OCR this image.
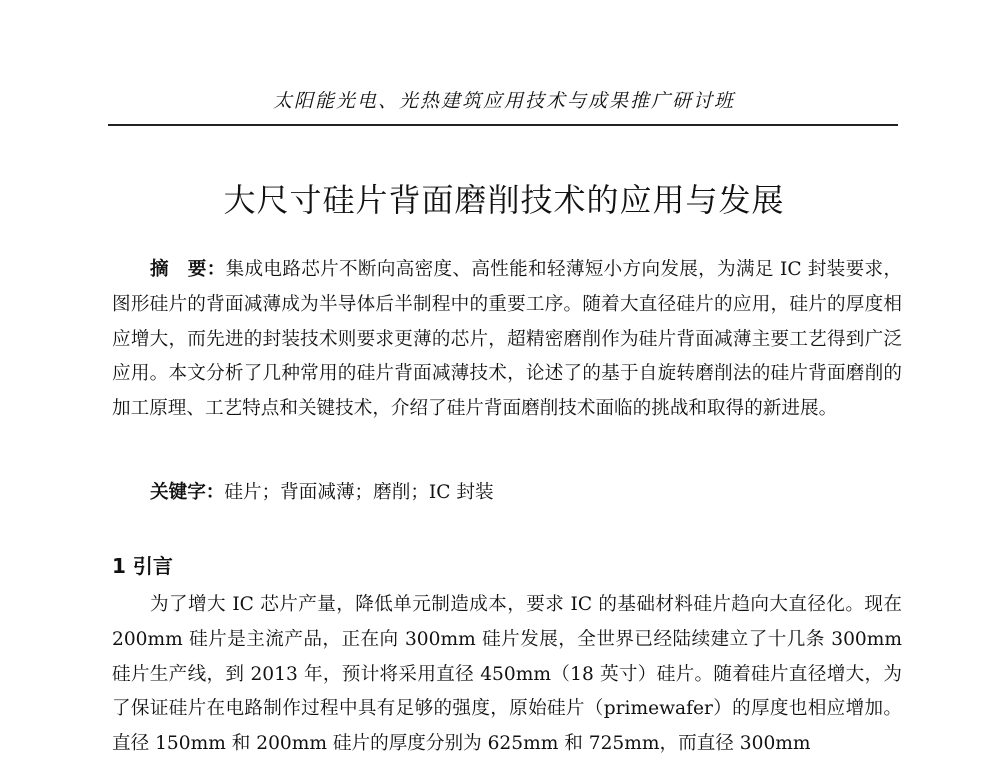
太阳能光电、光热建筑应用技术与成果推广研讨班
大尺寸硅片背面磨削技术的应用与发展
摘　要：集成电路芯片不断向高密度、高性能和轻薄短小方向发展，为满足 IC 封装要求，图形硅片的背面减薄成为半导体后半制程中的重要工序。随着大直径硅片的应用，硅片的厚度相应增大，而先进的封装技术则要求更薄的芯片，超精密磨削作为硅片背面减薄主要工艺得到广泛应用。本文分析了几种常用的硅片背面减薄技术，论述了的基于自旋转磨削法的硅片背面磨削的加工原理、工艺特点和关键技术，介绍了硅片背面磨削技术面临的挑战和取得的新进展。
关键字：硅片；背面减薄；磨削；IC 封装
1 引言
为了增大 IC 芯片产量，降低单元制造成本，要求 IC 的基础材料硅片趋向大直径化。现在 200mm 硅片是主流产品，正在向 300mm 硅片发展，全世界已经陆续建立了十几条 300mm 硅片生产线，到 2013 年，预计将采用直径 450mm（18 英寸）硅片。随着硅片直径增大，为了保证硅片在电路制作过程中具有足够的强度，原始硅片（primewafer）的厚度也相应增加。直径 150mm 和 200mm 硅片的厚度分别为 625mm 和 725mm，而直径 300mm
